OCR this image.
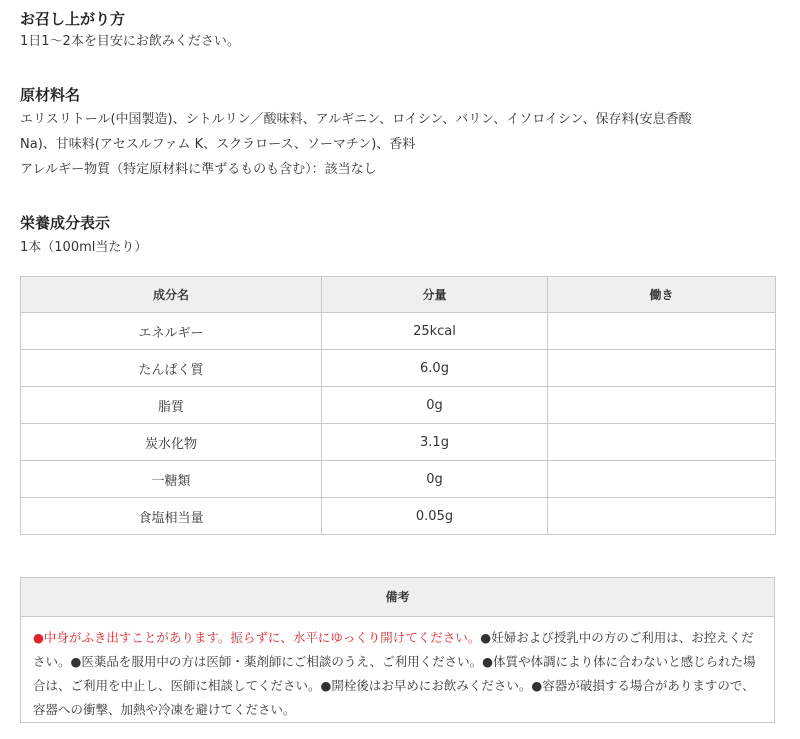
お召し上がり方
1日1～2本を目安にお飲みください。
原材料名
エリスリトール(中国製造)、シトルリン／酸味料、アルギニン、ロイシン、バリン、イソロイシン、保存料(安息香酸
Na)、甘味料(アセスルファム K、スクラロース、ソーマチン)、香料
アレルギー物質（特定原材料に準ずるものも含む）：該当なし
栄養成分表示
1本（100ml当たり）
成分名	分量	働き
エネルギー	25kcal	
たんぱく質	6.0g	
脂質	0g	
炭水化物	3.1g	
一糖類	0g	
食塩相当量	0.05g	
備考
●中身がふき出すことがあります。振らずに、水平にゆっくり開けてください。●妊婦および授乳中の方のご利用は、お控えください。●医薬品を服用中の方は医師・薬剤師にご相談のうえ、ご利用ください。●体質や体調により体に合わないと感じられた場合は、ご利用を中止し、医師に相談してください。●開栓後はお早めにお飲みください。●容器が破損する場合がありますので、容器への衝撃、加熱や冷凍を避けてください。
